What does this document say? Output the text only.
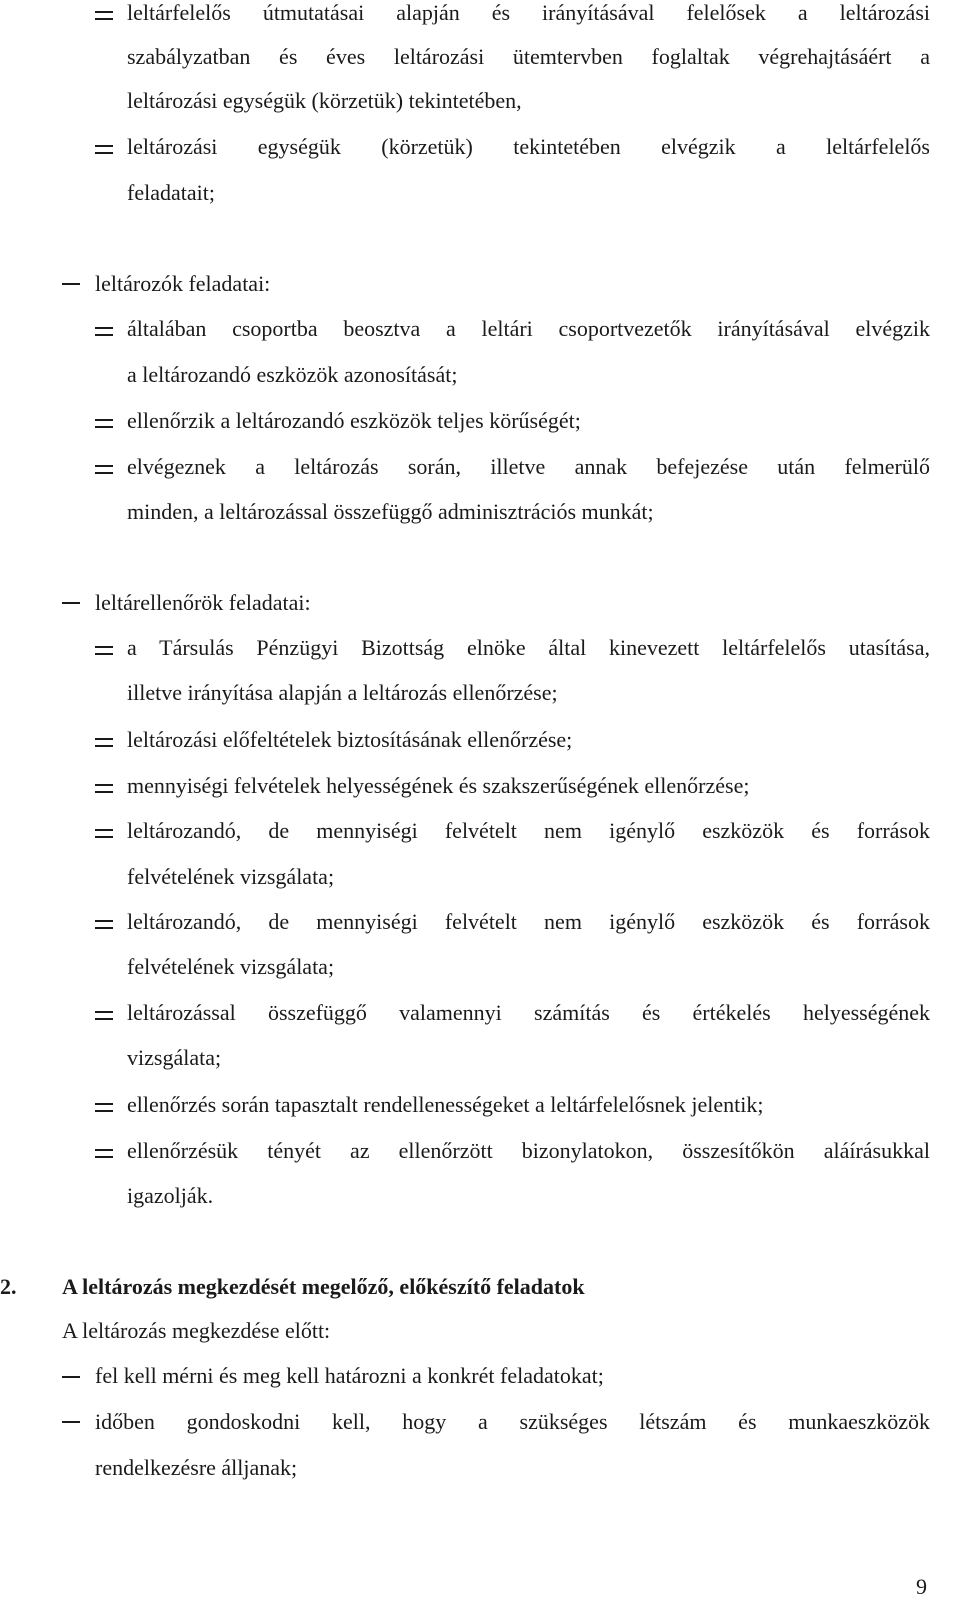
leltárfelelős útmutatásai alapján és irányításával felelősek a leltározási
szabályzatban és éves leltározási ütemtervben foglaltak végrehajtásáért a
leltározási egységük (körzetük) tekintetében,
leltározási egységük (körzetük) tekintetében elvégzik a leltárfelelős
feladatait;
leltározók feladatai:
általában csoportba beosztva a leltári csoportvezetők irányításával elvégzik
a leltározandó eszközök azonosítását;
ellenőrzik a leltározandó eszközök teljes körűségét;
elvégeznek a leltározás során, illetve annak befejezése után felmerülő
minden, a leltározással összefüggő adminisztrációs munkát;
leltárellenőrök feladatai:
a Társulás Pénzügyi Bizottság elnöke által kinevezett leltárfelelős utasítása,
illetve irányítása alapján a leltározás ellenőrzése;
leltározási előfeltételek biztosításának ellenőrzése;
mennyiségi felvételek helyességének és szakszerűségének ellenőrzése;
leltározandó, de mennyiségi felvételt nem igénylő eszközök és források
felvételének vizsgálata;
leltározandó, de mennyiségi felvételt nem igénylő eszközök és források
felvételének vizsgálata;
leltározással összefüggő valamennyi számítás és értékelés helyességének
vizsgálata;
ellenőrzés során tapasztalt rendellenességeket a leltárfelelősnek jelentik;
ellenőrzésük tényét az ellenőrzött bizonylatokon, összesítőkön aláírásukkal
igazolják.
2.	A leltározás megkezdését megelőző, előkészítő feladatok
A leltározás megkezdése előtt:
fel kell mérni és meg kell határozni a konkrét feladatokat;
időben gondoskodni kell, hogy a szükséges létszám és munkaeszközök
rendelkezésre álljanak;
9
